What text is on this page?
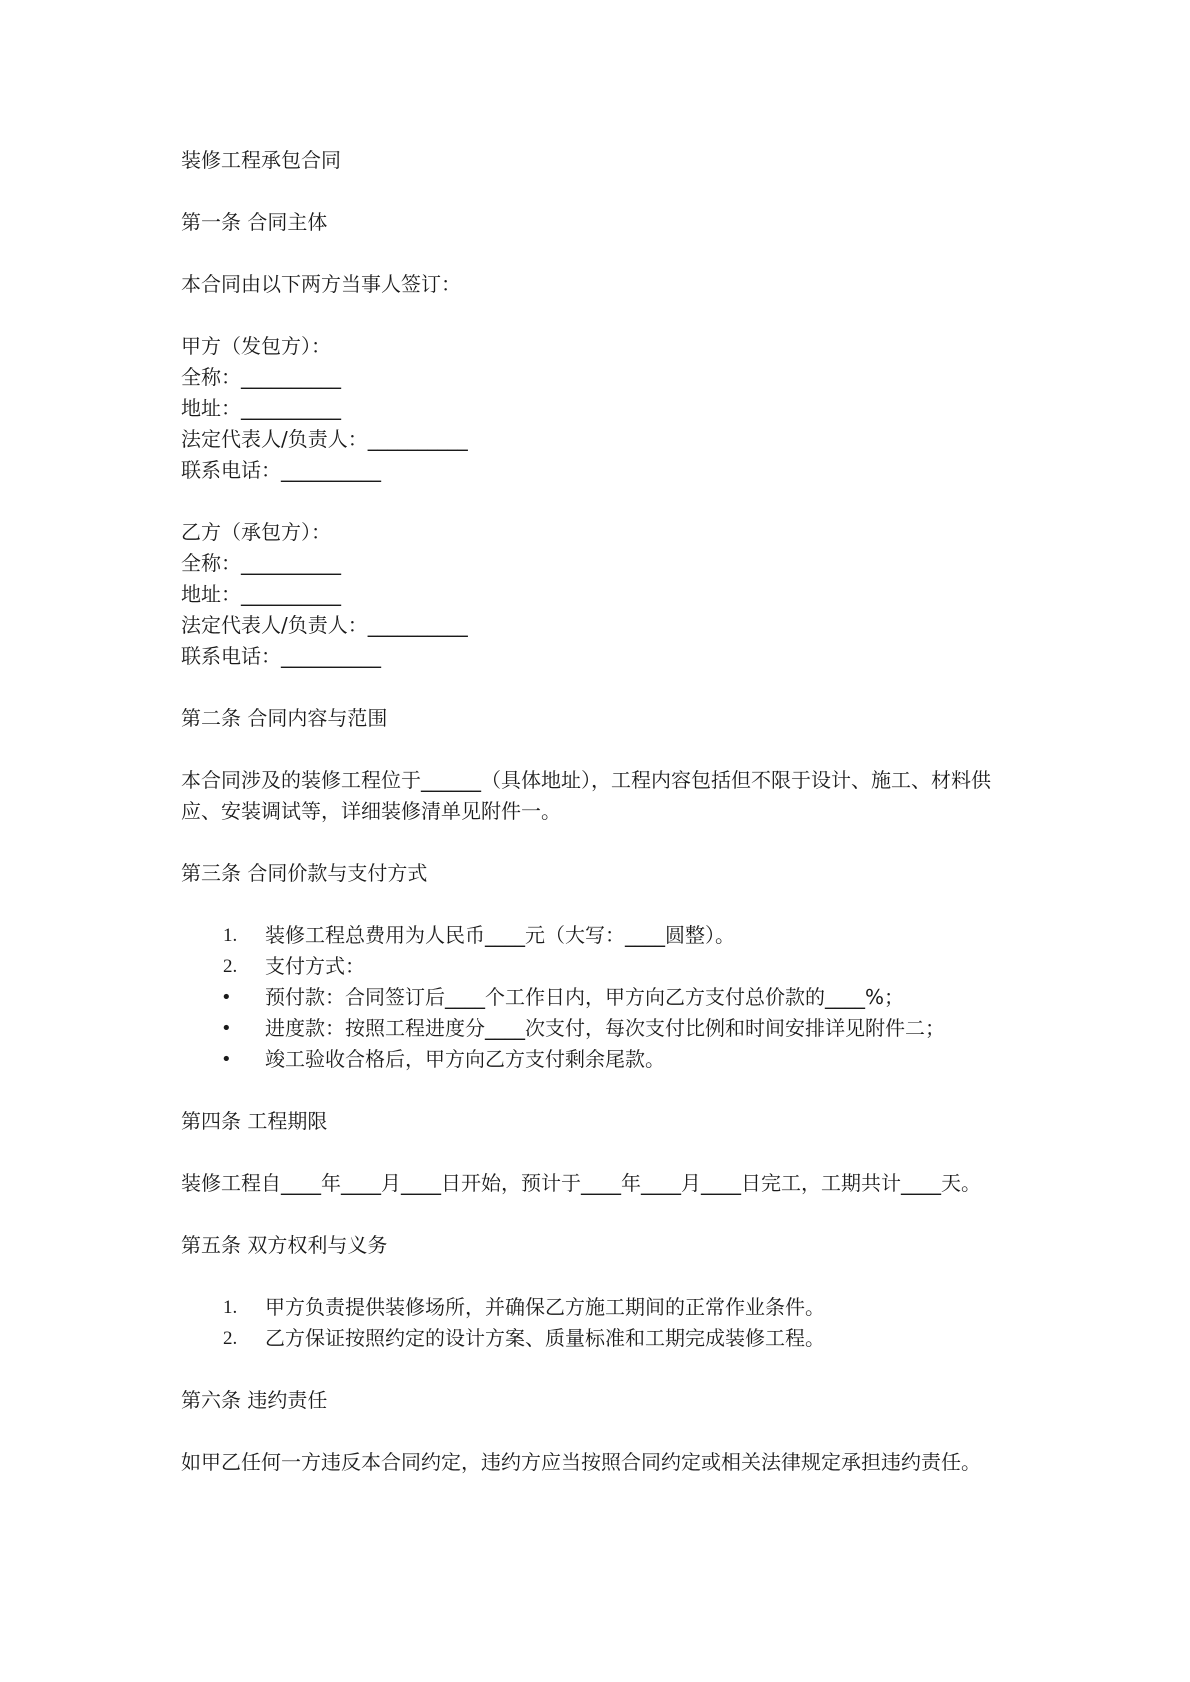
装修工程承包合同

第一条 合同主体

本合同由以下两方当事人签订：

甲方（发包方）：

全称：__________

地址：__________

法定代表人/负责人：__________

联系电话：__________

乙方（承包方）：

全称：__________

地址：__________

法定代表人/负责人：__________

联系电话：__________

第二条 合同内容与范围

本合同涉及的装修工程位于______（具体地址），工程内容包括但不限于设计、施工、材料供应、安装调试等，详细装修清单见附件一。

第三条 合同价款与支付方式

1.	装修工程总费用为人民币____元（大写：____圆整）。

2.	支付方式：

•	预付款：合同签订后____个工作日内，甲方向乙方支付总价款的____%；

•	进度款：按照工程进度分____次支付，每次支付比例和时间安排详见附件二；

•	竣工验收合格后，甲方向乙方支付剩余尾款。

第四条 工程期限

装修工程自____年____月____日开始，预计于____年____月____日完工，工期共计____天。

第五条 双方权利与义务

1.	甲方负责提供装修场所，并确保乙方施工期间的正常作业条件。

2.	乙方保证按照约定的设计方案、质量标准和工期完成装修工程。

第六条 违约责任

如甲乙任何一方违反本合同约定，违约方应当按照合同约定或相关法律规定承担违约责任。
